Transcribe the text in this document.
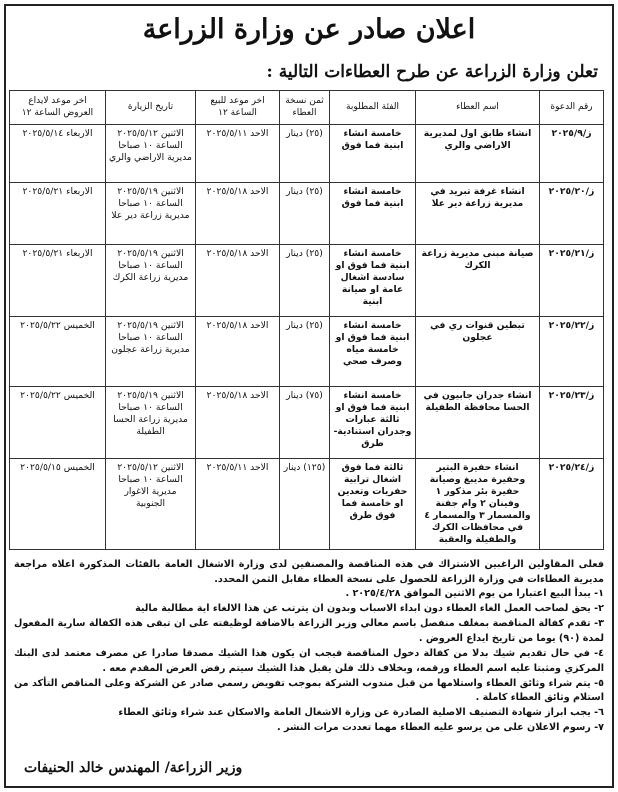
اعلان صادر عن وزارة الزراعة
تعلن وزارة الزراعة عن طرح العطاءات التالية :
رقم الدعوة	اسم العطاء	الفئة المطلوبة	ثمن نسخة العطاء	اخر موعد للبيع الساعة ١٢	تاريخ الزيارة	اخر موعد لايداع العروض الساعة ١٢
ز/٢٠٢٥/٩	انشاء طابق اول لمديرية الاراضي والري	خامسة انشاء ابنية فما فوق	(٢٥) دينار	الاحد ٢٠٢٥/٥/١١	الاثنين ٢٠٢٥/٥/١٢ الساعة ١٠ صباحا مديرية الاراضي والري	الاربعاء ٢٠٢٥/٥/١٤
ز/٢٠٢٥/٢٠	انشاء غرفة تبريد في مديرية زراعة دير علا	خامسة انشاء ابنية فما فوق	(٢٥) دينار	الاحد ٢٠٢٥/٥/١٨	الاثنين ٢٠٢٥/٥/١٩ الساعة ١٠ صباحا مديرية زراعة دير علا	الاربعاء ٢٠٢٥/٥/٢١
ز/٢٠٢٥/٢١	صيانة مبنى مديرية زراعة الكرك	خامسة انشاء ابنية فما فوق او سادسة اشغال عامة او صيانة ابنية	(٢٥) دينار	الاحد ٢٠٢٥/٥/١٨	الاثنين ٢٠٢٥/٥/١٩ الساعة ١٠ صباحا مديرية زراعة الكرك	الاربعاء ٢٠٢٥/٥/٢١
ز/٢٠٢٥/٢٢	تبطين قنوات ري في عجلون	خامسة انشاء ابنية فما فوق او خامسة مياه وصرف صحي	(٢٥) دينار	الاحد ٢٠٢٥/٥/١٨	الاثنين ٢٠٢٥/٥/١٩ الساعة ١٠ صباحا مديرية زراعة عجلون	الخميس ٢٠٢٥/٥/٢٢
ز/٢٠٢٥/٢٣	انشاء جدران جابيون في الحسا محافظة الطفيلة	خامسة انشاء ابنية فما فوق او ثالثة عبارات وجدران استنادية-طرق	(٧٥) دينار	الاحد ٢٠٢٥/٥/١٨	الاثنين ٢٠٢٥/٥/١٩ الساعة ١٠ صباحا مديرية زراعة الحسا الطفيلة	الخميس ٢٠٢٥/٥/٢٢
ز/٢٠٢٥/٢٤	انشاء حفيرة البتير وحفيرة مديبغ وصيانة حفيرة بئر مذكور ١ وفينان ٢ وام جفنة والمسمار ٣ والمسمار ٤ في محافظات الكرك والطفيلة والعقبة	ثالثة فما فوق اشغال ترابية حفريات وتعدين او خامسة فما فوق طرق	(١٢٥) دينار	الاحد ٢٠٢٥/٥/١١	الاثنين ٢٠٢٥/٥/١٢ الساعة ١٠ صباحا مديرية الاغوار الجنوبية	الخميس ٢٠٢٥/٥/١٥

فعلى المقاولين الراغبين الاشتراك في هذه المناقصة والمصنفين لدى وزارة الاشغال العامة بالفئات المذكورة اعلاه مراجعة مديرية العطاءات في وزارة الزراعة للحصول على نسخة العطاء مقابل الثمن المحدد.

١- يبدأ البيع اعتبارا من يوم الاثنين الموافق ٢٠٢٥/٤/٢٨ .

٢- يحق لصاحب العمل الغاء العطاء دون ابداء الاسباب وبدون ان يترتب عن هذا الالغاء اية مطالبة مالية

٣- تقدم كفالة المناقصة بمغلف منفصل باسم معالي وزير الزراعة بالاضافة لوظيفته على ان تبقى هذه الكفالة سارية المفعول لمدة (٩٠) يوما من تاريخ ايداع العروض .

٤- في حال تقديم شيك بدلا من كفالة دخول المناقصة فيجب ان يكون هذا الشيك مصدقا صادرا عن مصرف معتمد لدى البنك المركزي ومثبتا عليه اسم العطاء ورقمه، وبخلاف ذلك فلن يقبل هذا الشيك سيتم رفض العرض المقدم معه .

٥- يتم شراء وثائق العطاء واستلامها من قبل مندوب الشركة بموجب تفويض رسمي صادر عن الشركة وعلى المناقص التأكد من استلام وثائق العطاء كاملة .

٦- يجب ابراز شهادة التصنيف الاصلية الصادرة عن وزارة الاشغال العامة والاسكان عند شراء وثائق العطاء

٧- رسوم الاعلان على من يرسو عليه العطاء مهما تعددت مرات النشر .

وزير الزراعة/ المهندس خالد الحنيفات
